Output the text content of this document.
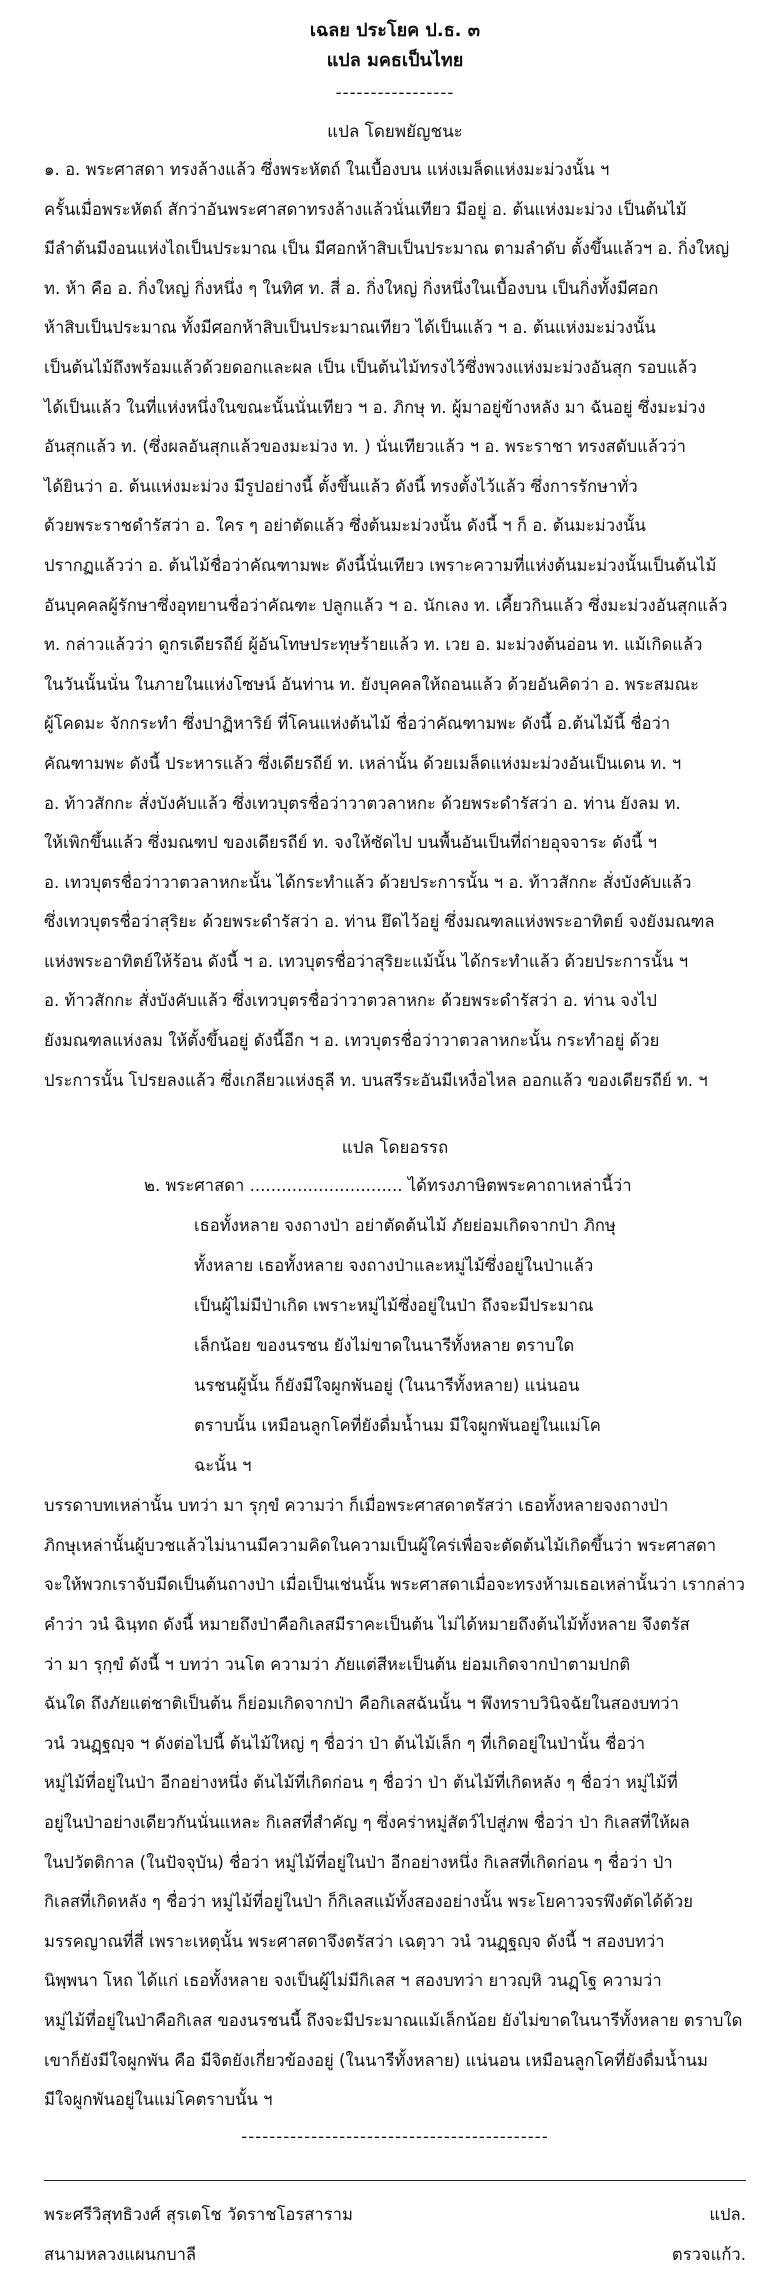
เฉลย ประโยค ป.ธ. ๓
แปล มคธเป็นไทย
-----------------
แปล โดยพยัญชนะ
๑. อ. พระศาสดา ทรงล้างแล้ว ซึ่งพระหัตถ์ ในเบื้องบน แห่งเมล็ดแห่งมะม่วงนั้น ฯ
ครั้นเมื่อพระหัตถ์ สักว่าอันพระศาสดาทรงล้างแล้วนั่นเทียว มีอยู่ อ. ต้นแห่งมะม่วง เป็นต้นไม้
มีลำต้นมีงอนแห่งไถเป็นประมาณ เป็น มีศอกห้าสิบเป็นประมาณ ตามลำดับ ตั้งขึ้นแล้วฯ อ. กิ่งใหญ่
ท. ห้า คือ อ. กิ่งใหญ่ กิ่งหนึ่ง ๆ ในทิศ ท. สี่ อ. กิ่งใหญ่ กิ่งหนึ่งในเบื้องบน เป็นกิ่งทั้งมีศอก
ห้าสิบเป็นประมาณ ทั้งมีศอกห้าสิบเป็นประมาณเทียว ได้เป็นแล้ว ฯ อ. ต้นแห่งมะม่วงนั้น
เป็นต้นไม้ถึงพร้อมแล้วด้วยดอกและผล เป็น เป็นต้นไม้ทรงไว้ซึ่งพวงแห่งมะม่วงอันสุก รอบแล้ว
ได้เป็นแล้ว ในที่แห่งหนึ่งในขณะนั้นนั่นเทียว ฯ อ. ภิกษุ ท. ผู้มาอยู่ข้างหลัง มา ฉันอยู่ ซึ่งมะม่วง
อันสุกแล้ว ท. (ซึ่งผลอันสุกแล้วของมะม่วง ท. ) นั่นเทียวแล้ว ฯ อ. พระราชา ทรงสดับแล้วว่า
ได้ยินว่า อ. ต้นแห่งมะม่วง มีรูปอย่างนี้ ตั้งขึ้นแล้ว ดังนี้ ทรงตั้งไว้แล้ว ซึ่งการรักษาทั่ว
ด้วยพระราชดำรัสว่า อ. ใคร ๆ อย่าตัดแล้ว ซึ่งต้นมะม่วงนั้น ดังนี้ ฯ ก็ อ. ต้นมะม่วงนั้น
ปรากฏแล้วว่า อ. ต้นไม้ชื่อว่าคัณฑามพะ ดังนี้นั่นเทียว เพราะความที่แห่งต้นมะม่วงนั้นเป็นต้นไม้
อันบุคคลผู้รักษาซึ่งอุทยานชื่อว่าคัณฑะ ปลูกแล้ว ฯ อ. นักเลง ท. เคี้ยวกินแล้ว ซึ่งมะม่วงอันสุกแล้ว
ท. กล่าวแล้วว่า ดูกรเดียรถีย์ ผู้อันโทษประทุษร้ายแล้ว ท. เวย อ. มะม่วงต้นอ่อน ท. แม้เกิดแล้ว
ในวันนั้นนั่น ในภายในแห่งโซษน์ อันท่าน ท. ยังบุคคลให้ถอนแล้ว ด้วยอันคิดว่า อ. พระสมณะ
ผู้โคดมะ จักกระทำ ซึ่งปาฏิหาริย์ ที่โคนแห่งต้นไม้ ชื่อว่าคัณฑามพะ ดังนี้ อ.ต้นไม้นี้ ชื่อว่า
คัณฑามพะ ดังนี้ ประหารแล้ว ซึ่งเดียรถีย์ ท. เหล่านั้น ด้วยเมล็ดแห่งมะม่วงอันเป็นเดน ท. ฯ
อ. ท้าวสักกะ สั่งบังคับแล้ว ซึ่งเทวบุตรชื่อว่าวาตวลาหกะ ด้วยพระดำรัสว่า อ. ท่าน ยังลม ท.
ให้เพิกขึ้นแล้ว ซึ่งมณฑป ของเดียรถีย์ ท. จงให้ซัดไป บนพื้นอันเป็นที่ถ่ายอุจจาระ ดังนี้ ฯ
อ. เทวบุตรชื่อว่าวาตวลาหกะนั้น ได้กระทำแล้ว ด้วยประการนั้น ฯ อ. ท้าวสักกะ สั่งบังคับแล้ว
ซึ่งเทวบุตรชื่อว่าสุริยะ ด้วยพระดำรัสว่า อ. ท่าน ยึดไว้อยู่ ซึ่งมณฑลแห่งพระอาทิตย์ จงยังมณฑล
แห่งพระอาทิตย์ให้ร้อน ดังนี้ ฯ อ. เทวบุตรชื่อว่าสุริยะแม้นั้น ได้กระทำแล้ว ด้วยประการนั้น ฯ
อ. ท้าวสักกะ สั่งบังคับแล้ว ซึ่งเทวบุตรชื่อว่าวาตวลาหกะ ด้วยพระดำรัสว่า อ. ท่าน จงไป
ยังมณฑลแห่งลม ให้ตั้งขึ้นอยู่ ดังนี้อีก ฯ อ. เทวบุตรชื่อว่าวาตวลาหกะนั้น กระทำอยู่ ด้วย
ประการนั้น โปรยลงแล้ว ซึ่งเกลียวแห่งธุลี ท. บนสรีระอันมีเหงื่อไหล ออกแล้ว ของเดียรถีย์ ท. ฯ
แปล โดยอรรถ
๒. พระศาสดา ............................. ได้ทรงภาษิตพระคาถาเหล่านี้ว่า
เธอทั้งหลาย จงถางป่า อย่าตัดต้นไม้ ภัยย่อมเกิดจากป่า ภิกษุ
ทั้งหลาย เธอทั้งหลาย จงถางป่าและหมู่ไม้ซึ่งอยู่ในป่าแล้ว
เป็นผู้ไม่มีป่าเกิด เพราะหมู่ไม้ซึ่งอยู่ในป่า ถึงจะมีประมาณ
เล็กน้อย ของนรชน ยังไม่ขาดในนารีทั้งหลาย ตราบใด
นรชนผู้นั้น ก็ยังมีใจผูกพันอยู่ (ในนารีทั้งหลาย) แน่นอน
ตราบนั้น เหมือนลูกโคที่ยังดื่มน้ำนม มีใจผูกพันอยู่ในแม่โค
ฉะนั้น ฯ
บรรดาบทเหล่านั้น บทว่า มา รุกฺขํ ความว่า ก็เมื่อพระศาสดาตรัสว่า เธอทั้งหลายจงถางป่า
ภิกษุเหล่านั้นผู้บวชแล้วไม่นานมีความคิดในความเป็นผู้ใคร่เพื่อจะตัดต้นไม้เกิดขึ้นว่า พระศาสดา
จะให้พวกเราจับมีดเป็นต้นถางป่า เมื่อเป็นเช่นนั้น พระศาสดาเมื่อจะทรงห้ามเธอเหล่านั้นว่า เรากล่าว
คำว่า วนํ ฉินฺทถ ดังนี้ หมายถึงป่าคือกิเลสมีราคะเป็นต้น ไม่ได้หมายถึงต้นไม้ทั้งหลาย จึงตรัส
ว่า มา รุกฺขํ ดังนี้ ฯ บทว่า วนโต ความว่า ภัยแต่สีหะเป็นต้น ย่อมเกิดจากป่าตามปกติ
ฉันใด ถึงภัยแต่ชาติเป็นต้น ก็ย่อมเกิดจากป่า คือกิเลสฉันนั้น ฯ พึงทราบวินิจฉัยในสองบทว่า
วนํ วนฏฺฐญฺจ ฯ ดังต่อไปนี้ ต้นไม้ใหญ่ ๆ ชื่อว่า ป่า ต้นไม้เล็ก ๆ ที่เกิดอยู่ในป่านั้น ชื่อว่า
หมู่ไม้ที่อยู่ในป่า อีกอย่างหนึ่ง ต้นไม้ที่เกิดก่อน ๆ ชื่อว่า ป่า ต้นไม้ที่เกิดหลัง ๆ ชื่อว่า หมู่ไม้ที่
อยู่ในป่าอย่างเดียวกันนั่นแหละ กิเลสที่สำคัญ ๆ ซึ่งคร่าหมู่สัตว์ไปสู่ภพ ชื่อว่า ป่า กิเลสที่ให้ผล
ในปวัตติกาล (ในปัจจุบัน) ชื่อว่า หมู่ไม้ที่อยู่ในป่า อีกอย่างหนึ่ง กิเลสที่เกิดก่อน ๆ ชื่อว่า ป่า
กิเลสที่เกิดหลัง ๆ ชื่อว่า หมู่ไม้ที่อยู่ในป่า ก็กิเลสแม้ทั้งสองอย่างนั้น พระโยคาวจรพึงตัดได้ด้วย
มรรคญาณที่สี่ เพราะเหตุนั้น พระศาสดาจึงตรัสว่า เฉตฺวา วนํ วนฏฺฐญฺจ ดังนี้ ฯ สองบทว่า
นิพฺพนา โหถ ได้แก่ เธอทั้งหลาย จงเป็นผู้ไม่มีกิเลส ฯ สองบทว่า ยาวญฺหิ วนฏฺโฐ ความว่า
หมู่ไม้ที่อยู่ในป่าคือกิเลส ของนรชนนี้ ถึงจะมีประมาณแม้เล็กน้อย ยังไม่ขาดในนารีทั้งหลาย ตราบใด
เขาก็ยังมีใจผูกพัน คือ มีจิตยังเกี่ยวข้องอยู่ (ในนารีทั้งหลาย) แน่นอน เหมือนลูกโคที่ยังดื่มน้ำนม
มีใจผูกพันอยู่ในแม่โคตราบนั้น ฯ
--------------------------------------------
พระศรีวิสุทธิวงศ์ สุรเตโช วัดราชโอรสาราม	แปล.
สนามหลวงแผนกบาลี	ตรวจแก้ว.
